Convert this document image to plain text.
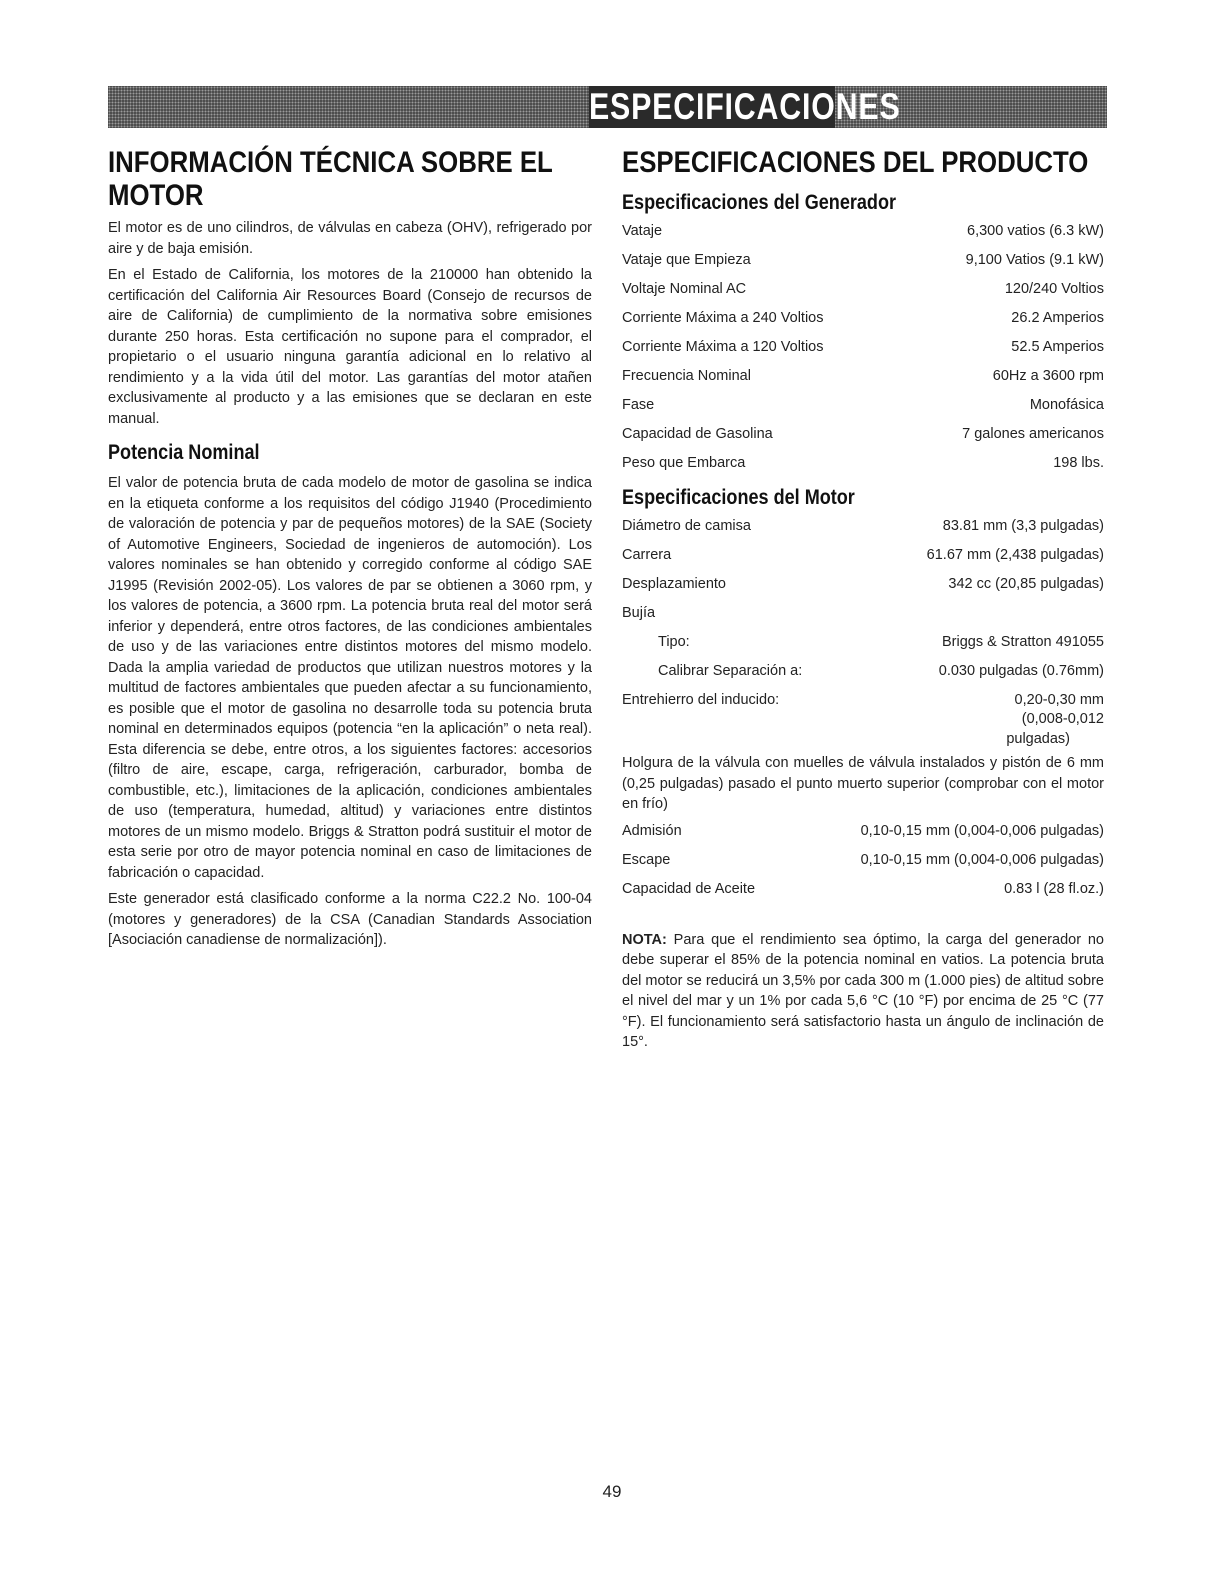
ESPECIFICACIONES
INFORMACIÓN TÉCNICA SOBRE EL MOTOR
El motor es de uno cilindros, de válvulas en cabeza (OHV), refrigerado por aire y de baja emisión.
En el Estado de California, los motores de la 210000 han obtenido la certificación del California Air Resources Board (Consejo de recursos de aire de California) de cumplimiento de la normativa sobre emisiones durante 250 horas. Esta certificación no supone para el comprador, el propietario o el usuario ninguna garantía adicional en lo relativo al rendimiento y a la vida útil del motor. Las garantías del motor atañen exclusivamente al producto y a las emisiones que se declaran en este manual.
Potencia Nominal
El valor de potencia bruta de cada modelo de motor de gasolina se indica en la etiqueta conforme a los requisitos del código J1940 (Procedimiento de valoración de potencia y par de pequeños motores) de la SAE (Society of Automotive Engineers, Sociedad de ingenieros de automoción). Los valores nominales se han obtenido y corregido conforme al código SAE J1995 (Revisión 2002-05). Los valores de par se obtienen a 3060 rpm, y los valores de potencia, a 3600 rpm. La potencia bruta real del motor será inferior y dependerá, entre otros factores, de las condiciones ambientales de uso y de las variaciones entre distintos motores del mismo modelo. Dada la amplia variedad de productos que utilizan nuestros motores y la multitud de factores ambientales que pueden afectar a su funcionamiento, es posible que el motor de gasolina no desarrolle toda su potencia bruta nominal en determinados equipos (potencia “en la aplicación” o neta real). Esta diferencia se debe, entre otros, a los siguientes factores: accesorios (filtro de aire, escape, carga, refrigeración, carburador, bomba de combustible, etc.), limitaciones de la aplicación, condiciones ambientales de uso (temperatura, humedad, altitud) y variaciones entre distintos motores de un mismo modelo. Briggs & Stratton podrá sustituir el motor de esta serie por otro de mayor potencia nominal en caso de limitaciones de fabricación o capacidad.
Este generador está clasificado conforme a la norma C22.2 No. 100-04 (motores y generadores) de la CSA (Canadian Standards Association [Asociación canadiense de normalización]).
ESPECIFICACIONES DEL PRODUCTO
Especificaciones del Generador
Vataje	6,300 vatios (6.3 kW)
Vataje que Empieza	9,100 Vatios (9.1 kW)
Voltaje Nominal AC	120/240 Voltios
Corriente Máxima a 240 Voltios	26.2 Amperios
Corriente Máxima a 120 Voltios	52.5 Amperios
Frecuencia Nominal	60Hz a 3600 rpm
Fase	Monofásica
Capacidad de Gasolina	7 galones americanos
Peso que Embarca	198 lbs.
Especificaciones del Motor
Diámetro de camisa	83.81 mm (3,3 pulgadas)
Carrera	61.67 mm (2,438 pulgadas)
Desplazamiento	342 cc (20,85 pulgadas)
Bujía
Tipo:	Briggs & Stratton 491055
Calibrar Separación a:	0.030 pulgadas (0.76mm)
Entrehierro del inducido:	0,20-0,30 mm
(0,008-0,012
pulgadas)
Holgura de la válvula con muelles de válvula instalados y pistón de 6 mm (0,25 pulgadas) pasado el punto muerto superior (comprobar con el motor en frío)
Admisión	0,10-0,15 mm (0,004-0,006 pulgadas)
Escape	0,10-0,15 mm (0,004-0,006 pulgadas)
Capacidad de Aceite	0.83 l (28 fl.oz.)
NOTA: Para que el rendimiento sea óptimo, la carga del generador no debe superar el 85% de la potencia nominal en vatios. La potencia bruta del motor se reducirá un 3,5% por cada 300 m (1.000 pies) de altitud sobre el nivel del mar y un 1% por cada 5,6 °C (10 °F) por encima de 25 °C (77 °F). El funcionamiento será satisfactorio hasta un ángulo de inclinación de 15°.
49
